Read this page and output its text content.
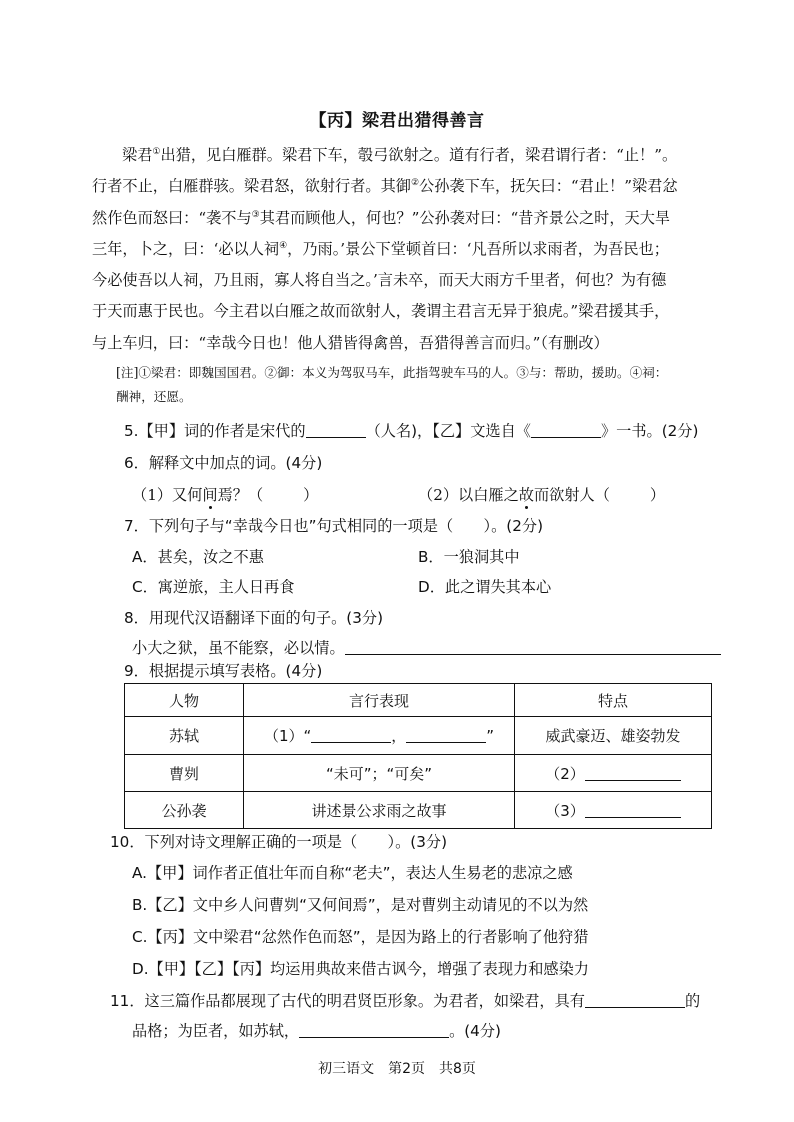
【丙】梁君出猎得善言
梁君①出猎，见白雁群。梁君下车，彀弓欲射之。道有行者，梁君谓行者：“止！”。
行者不止，白雁群骇。梁君怒，欲射行者。其御②公孙袭下车，抚矢曰：“君止！”梁君忿
然作色而怒曰：“袭不与③其君而顾他人，何也？”公孙袭对曰：“昔齐景公之时，天大旱
三年，卜之，曰：‘必以人祠④，乃雨。’景公下堂顿首曰：‘凡吾所以求雨者，为吾民也；
今必使吾以人祠，乃且雨，寡人将自当之。’言未卒，而天大雨方千里者，何也？为有德
于天而惠于民也。今主君以白雁之故而欲射人，袭谓主君言无异于狼虎。”梁君援其手，
与上车归，曰：“幸哉今日也！他人猎皆得禽兽，吾猎得善言而归。”（有删改）
[注]①梁君：即魏国国君。②御：本义为驾驭马车，此指驾驶车马的人。③与：帮助，援助。④祠：
酬神，还愿。
5.【甲】词的作者是宋代的	（人名)，【乙】文选自《	》一书。(2分)
6．解释文中加点的词。(4分)
（1）又何间焉？（	）	（2）以白雁之故而欲射人（	）
7．下列句子与“幸哉今日也”句式相同的一项是（　　）。(2分)
A．甚矣，汝之不惠	B．一狼洞其中
C．寓逆旅，主人日再食	D．此之谓失其本心
8．用现代汉语翻译下面的句子。(3分)
小大之狱，虽不能察，必以情。
9．根据提示填写表格。(4分)
人物	言行表现	特点
苏轼	（1）“ ， ”	威武豪迈、雄姿勃发
曹刿	“未可”；“可矣”	（2）
公孙袭	讲述景公求雨之故事	（3）
10．下列对诗文理解正确的一项是（　　）。(3分)
A.【甲】词作者正值壮年而自称“老夫”，表达人生易老的悲凉之感
B.【乙】文中乡人问曹刿“又何间焉”，是对曹刿主动请见的不以为然
C.【丙】文中梁君“忿然作色而怒”，是因为路上的行者影响了他狩猎
D.【甲】【乙】【丙】均运用典故来借古讽今，增强了表现力和感染力
11．这三篇作品都展现了古代的明君贤臣形象。为君者，如梁君，具有	的
品格；为臣者，如苏轼，	。(4分)
初三语文　第2页　共8页
